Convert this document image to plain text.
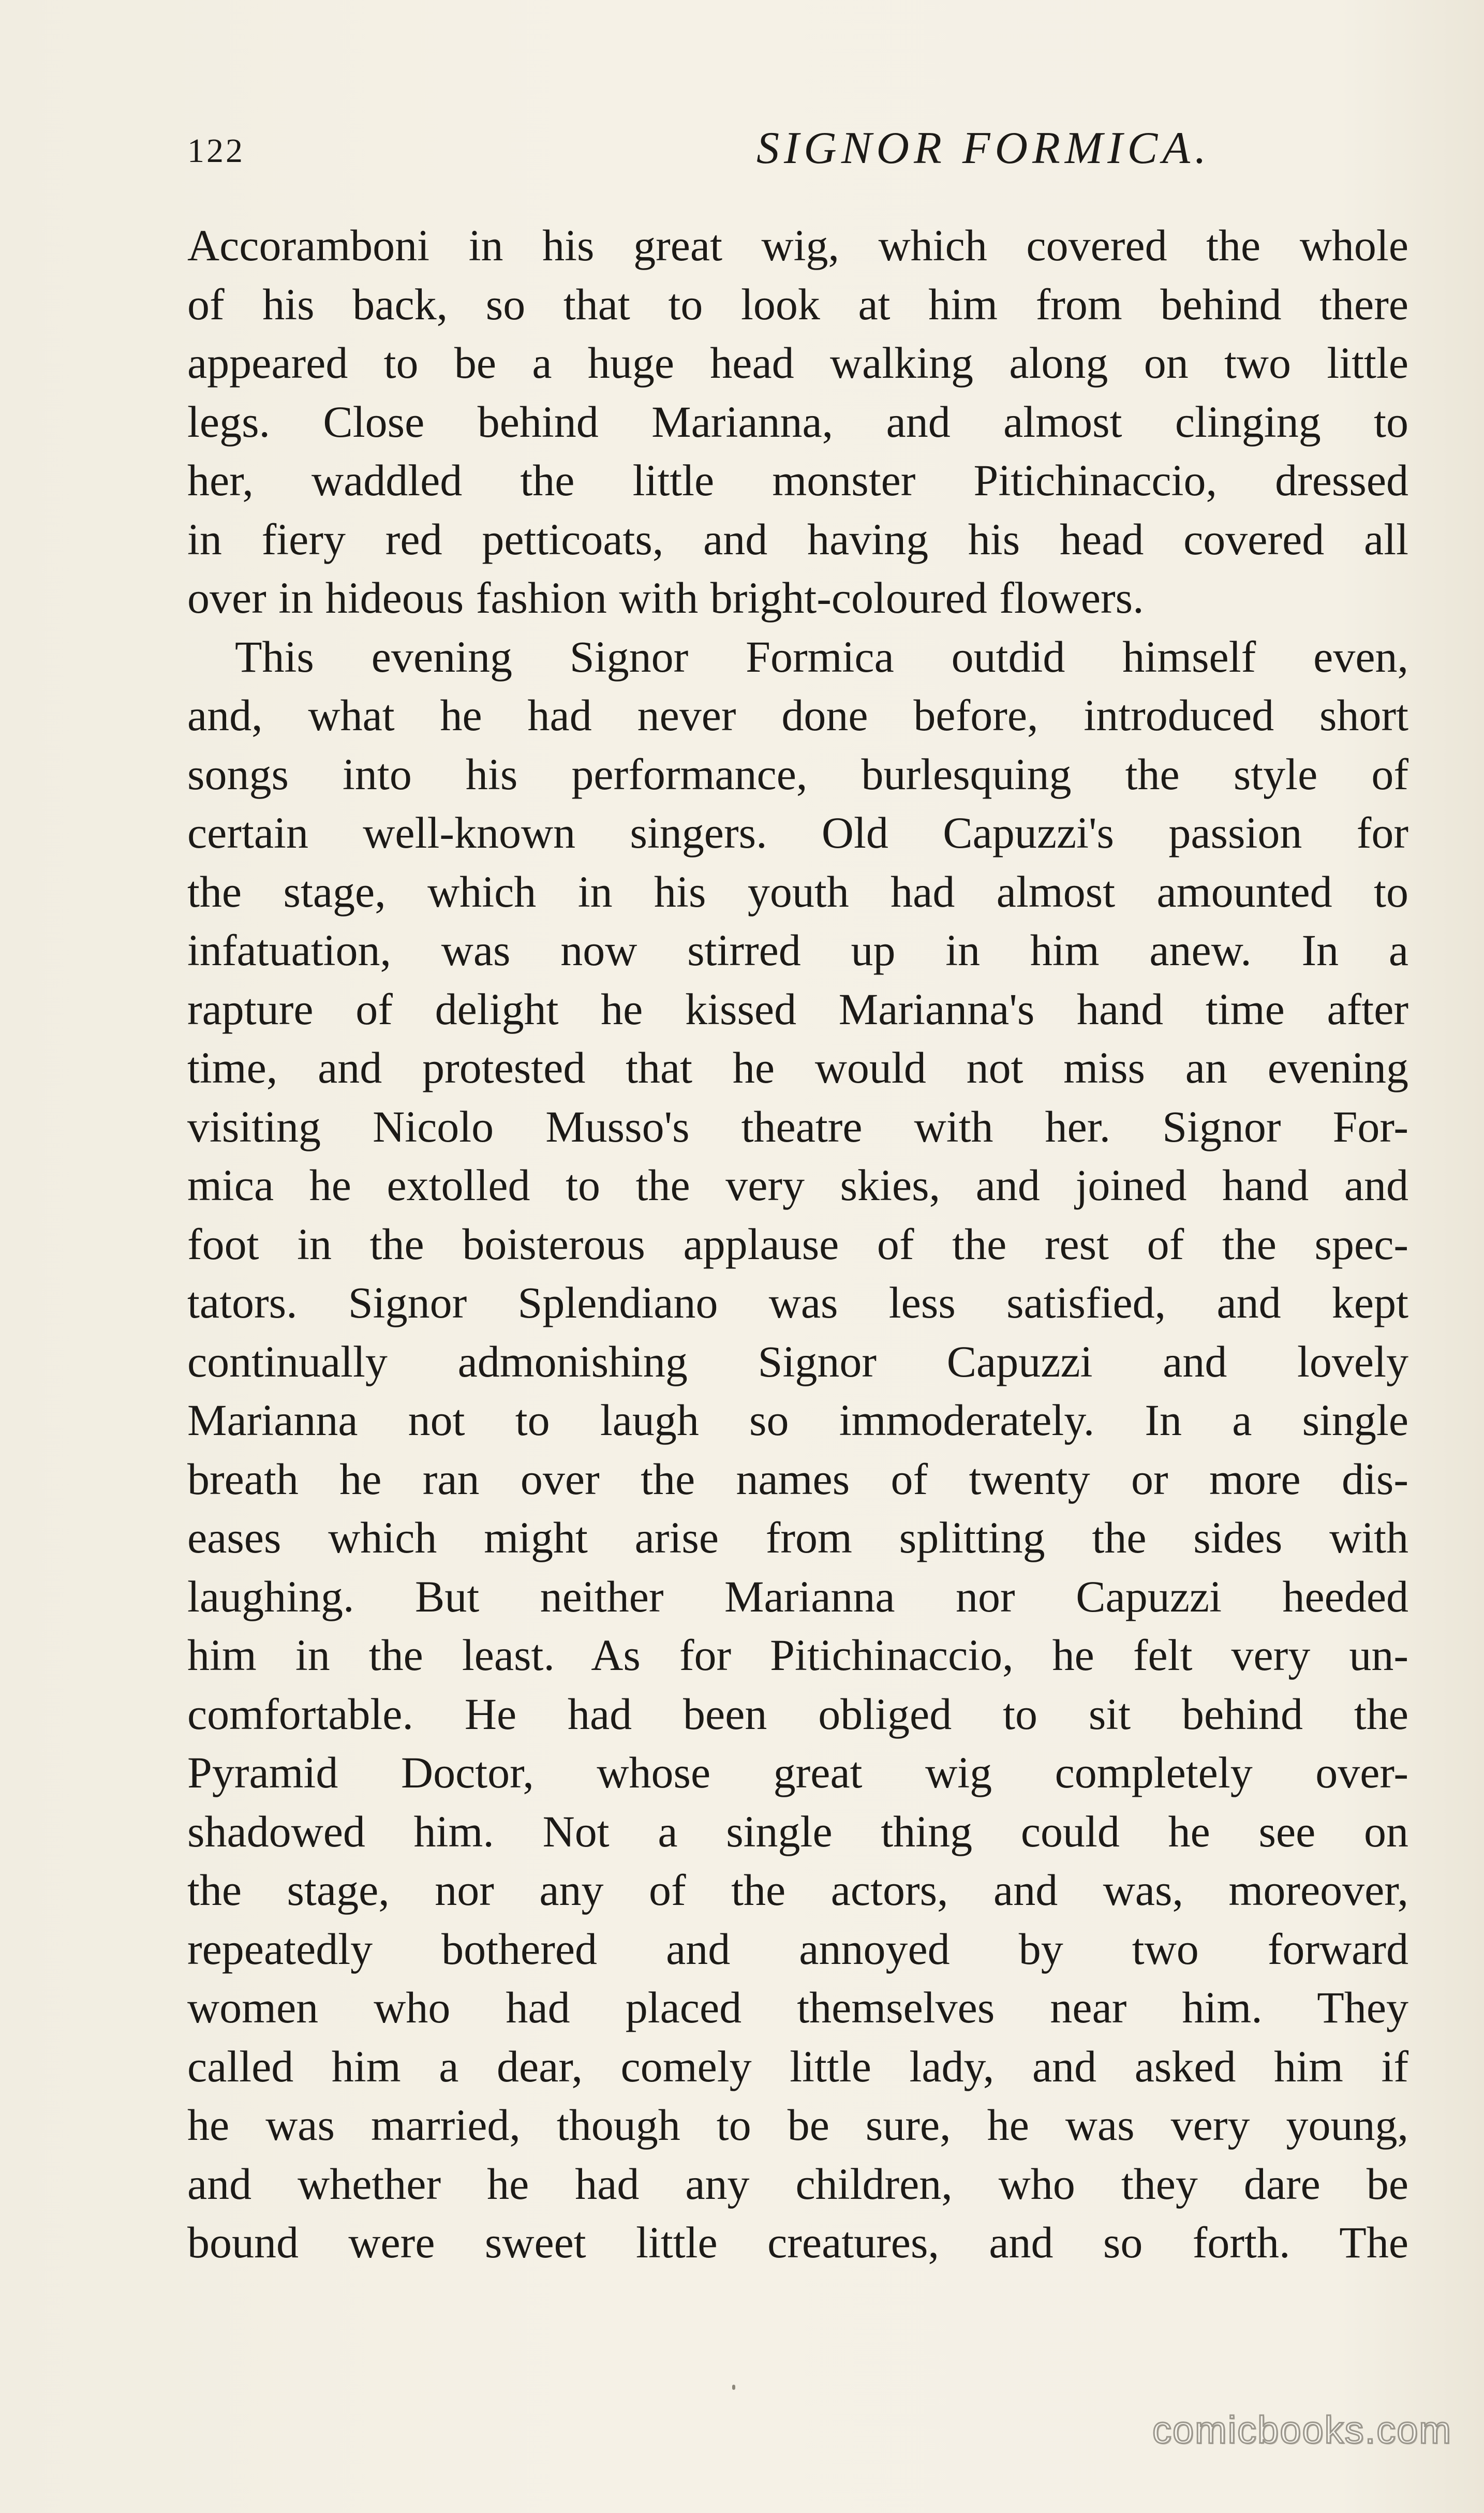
122	SIGNOR FORMICA.
Accoramboni in his great wig, which covered the whole
of his back, so that to look at him from behind there
appeared to be a huge head walking along on two little
legs. Close behind Marianna, and almost clinging to
her, waddled the little monster Pitichinaccio, dressed
in fiery red petticoats, and having his head covered all
over in hideous fashion with bright-coloured flowers.
This evening Signor Formica outdid himself even,
and, what he had never done before, introduced short
songs into his performance, burlesquing the style of
certain well-known singers. Old Capuzzi's passion for
the stage, which in his youth had almost amounted to
infatuation, was now stirred up in him anew. In a
rapture of delight he kissed Marianna's hand time after
time, and protested that he would not miss an evening
visiting Nicolo Musso's theatre with her. Signor For-
mica he extolled to the very skies, and joined hand and
foot in the boisterous applause of the rest of the spec-
tators. Signor Splendiano was less satisfied, and kept
continually admonishing Signor Capuzzi and lovely
Marianna not to laugh so immoderately. In a single
breath he ran over the names of twenty or more dis-
eases which might arise from splitting the sides with
laughing. But neither Marianna nor Capuzzi heeded
him in the least. As for Pitichinaccio, he felt very un-
comfortable. He had been obliged to sit behind the
Pyramid Doctor, whose great wig completely over-
shadowed him. Not a single thing could he see on
the stage, nor any of the actors, and was, moreover,
repeatedly bothered and annoyed by two forward
women who had placed themselves near him. They
called him a dear, comely little lady, and asked him if
he was married, though to be sure, he was very young,
and whether he had any children, who they dare be
bound were sweet little creatures, and so forth. The
comicbooks.com
